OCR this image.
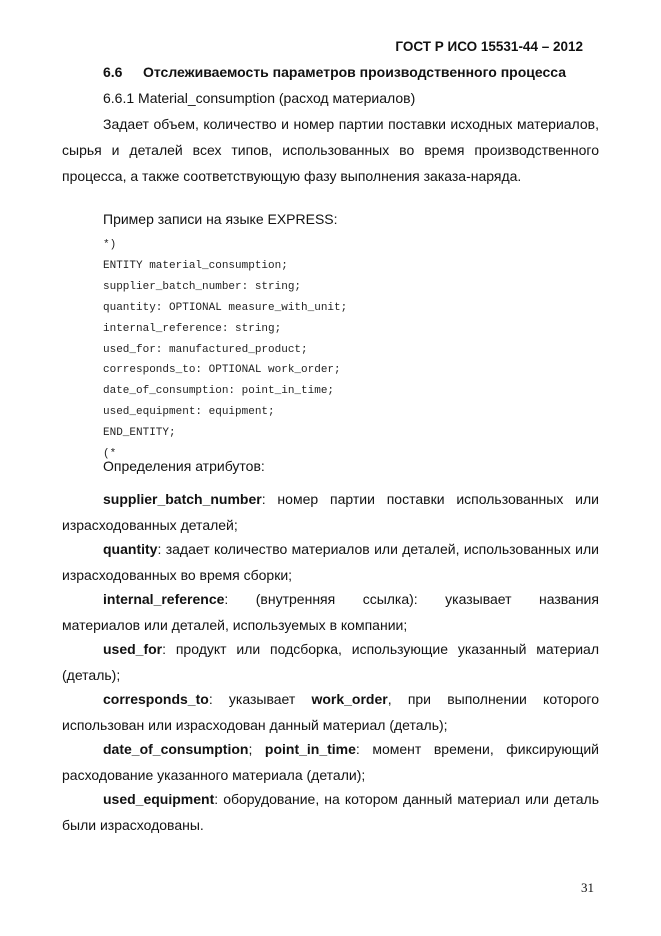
ГОСТ Р ИСО 15531-44 – 2012
6.6 Отслеживаемость параметров производственного процесса
6.6.1 Material_consumption (расход материалов)
Задает объем, количество и номер партии поставки исходных материалов, сырья и деталей всех типов, использованных во время производственного процесса, а также соответствующую фазу выполнения заказа-наряда.
Пример записи на языке EXPRESS:
*)
ENTITY material_consumption;
supplier_batch_number: string;
quantity: OPTIONAL measure_with_unit;
internal_reference: string;
used_for: manufactured_product;
corresponds_to: OPTIONAL work_order;
date_of_consumption: point_in_time;
used_equipment: equipment;
END_ENTITY;
(*
Определения атрибутов:
supplier_batch_number: номер партии поставки использованных или израсходованных деталей;
quantity: задает количество материалов или деталей, использованных или израсходованных во время сборки;
internal_reference: (внутренняя ссылка): указывает названия
материалов или деталей, используемых в компании;
used_for: продукт или подсборка, использующие указанный материал (деталь);
corresponds_to: указывает work_order, при выполнении которого использован или израсходован данный материал (деталь);
date_of_consumption; point_in_time: момент времени, фиксирующий расходование указанного материала (детали);
used_equipment: оборудование, на котором данный материал или деталь были израсходованы.
31
